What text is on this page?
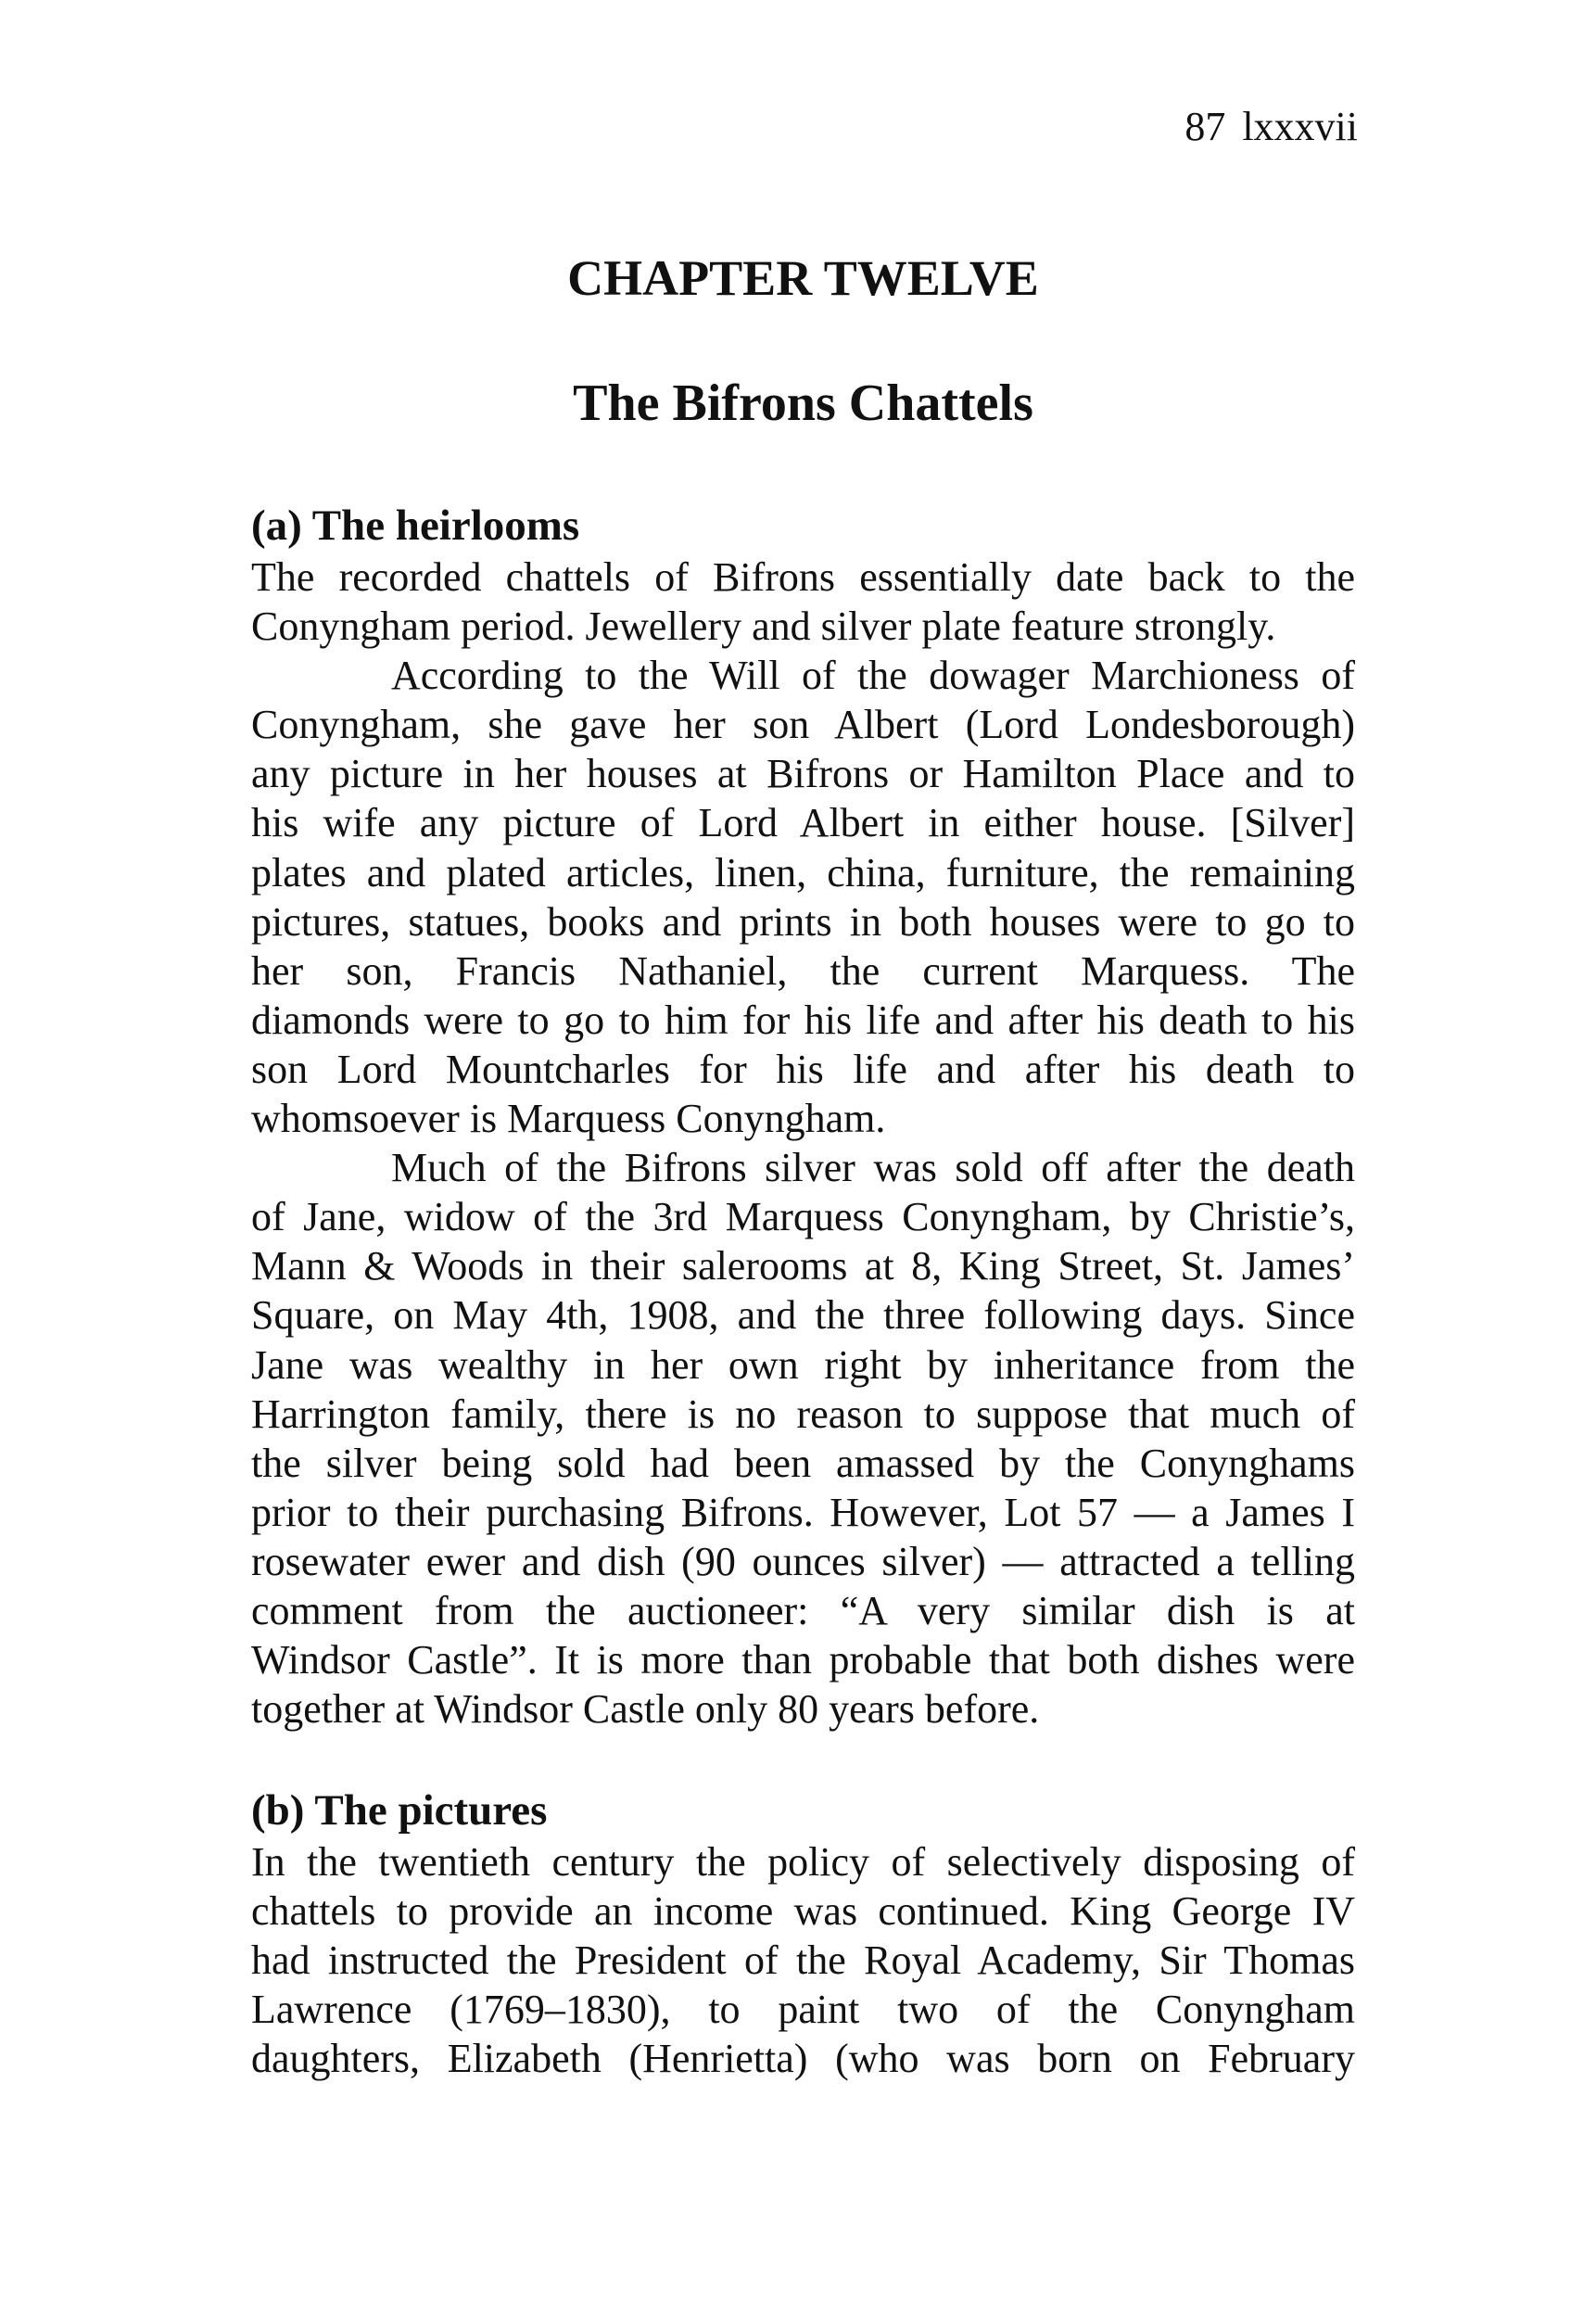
87 lxxxvii
CHAPTER TWELVE
The Bifrons Chattels
(a) The heirlooms
The recorded chattels of Bifrons essentially date back to the
Conyngham period. Jewellery and silver plate feature strongly.
According to the Will of the dowager Marchioness of
Conyngham, she gave her son Albert (Lord Londesborough)
any picture in her houses at Bifrons or Hamilton Place and to
his wife any picture of Lord Albert in either house. [Silver]
plates and plated articles, linen, china, furniture, the remaining
pictures, statues, books and prints in both houses were to go to
her son, Francis Nathaniel, the current Marquess. The
diamonds were to go to him for his life and after his death to his
son Lord Mountcharles for his life and after his death to
whomsoever is Marquess Conyngham.
Much of the Bifrons silver was sold off after the death
of Jane, widow of the 3rd Marquess Conyngham, by Christie’s,
Mann & Woods in their salerooms at 8, King Street, St. James’
Square, on May 4th, 1908, and the three following days. Since
Jane was wealthy in her own right by inheritance from the
Harrington family, there is no reason to suppose that much of
the silver being sold had been amassed by the Conynghams
prior to their purchasing Bifrons. However, Lot 57 — a James I
rosewater ewer and dish (90 ounces silver) — attracted a telling
comment from the auctioneer: “A very similar dish is at
Windsor Castle”. It is more than probable that both dishes were
together at Windsor Castle only 80 years before.
(b) The pictures
In the twentieth century the policy of selectively disposing of
chattels to provide an income was continued. King George IV
had instructed the President of the Royal Academy, Sir Thomas
Lawrence (1769–1830), to paint two of the Conyngham
daughters, Elizabeth (Henrietta) (who was born on February
